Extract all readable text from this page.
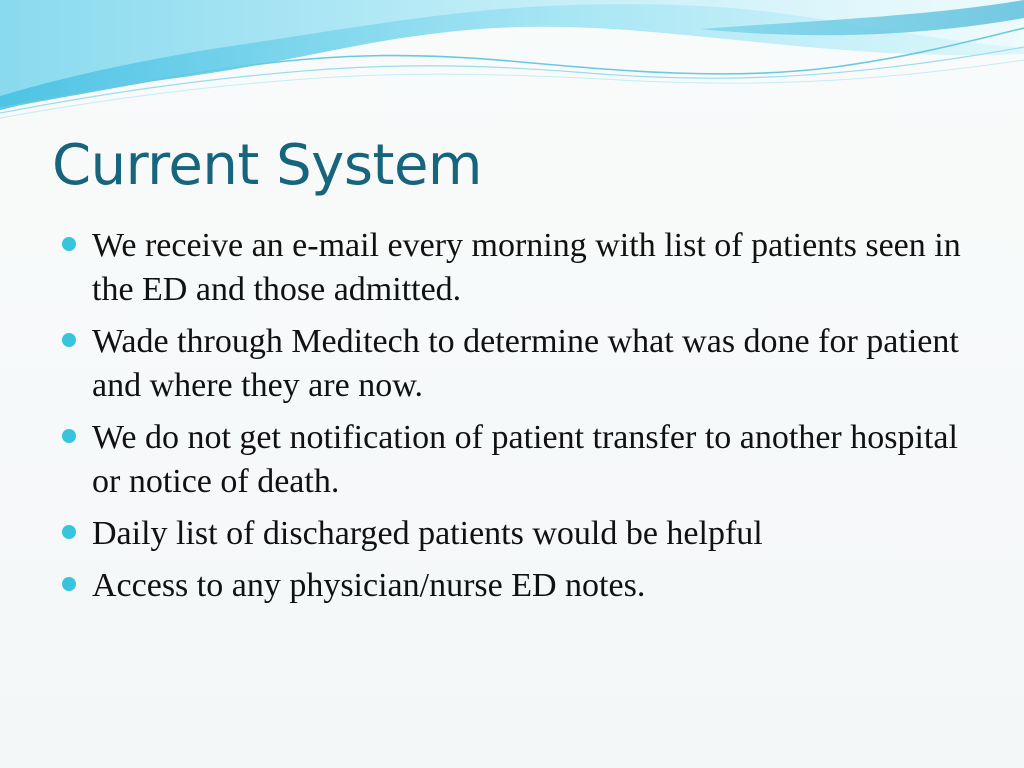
Current System
We receive an e-mail every morning with list of patients seen in the ED and those admitted.
Wade through Meditech to determine what was done for patient and where they are now.
We do not get notification of patient transfer to another hospital or notice of death.
Daily list of discharged patients would be helpful
Access to any physician/nurse ED notes.
